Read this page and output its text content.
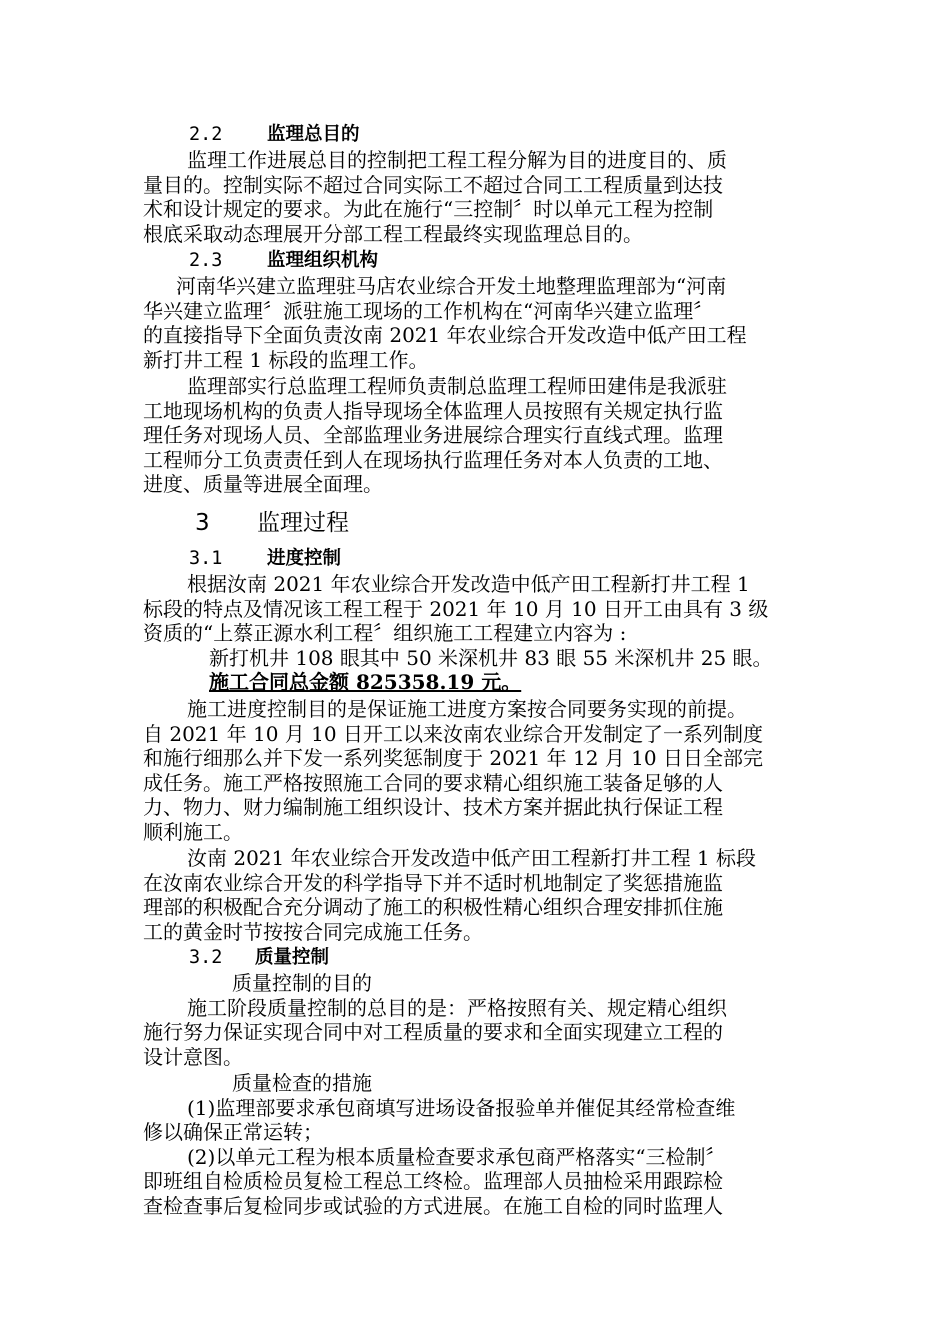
2.2 监理总目的
监理工作进展总目的控制把工程工程分解为目的进度目的、质
量目的。控制实际不超过合同实际工不超过合同工工程质量到达技
术和设计规定的要求。为此在施行“三控制〞时以单元工程为控制
根底采取动态理展开分部工程工程最终实现监理总目的。
2.3 监理组织机构
河南华兴建立监理驻马店农业综合开发土地整理监理部为“河南
华兴建立监理〞派驻施工现场的工作机构在“河南华兴建立监理〞
的直接指导下全面负责汝南 2021 年农业综合开发改造中低产田工程
新打井工程 1 标段的监理工作。
监理部实行总监理工程师负责制总监理工程师田建伟是我派驻
工地现场机构的负责人指导现场全体监理人员按照有关规定执行监
理任务对现场人员、全部监理业务进展综合理实行直线式理。监理
工程师分工负责责任到人在现场执行监理任务对本人负责的工地、
进度、质量等进展全面理。
3 监理过程
3.1 进度控制
根据汝南 2021 年农业综合开发改造中低产田工程新打井工程 1
标段的特点及情况该工程工程于 2021 年 10 月 10 日开工由具有 3 级
资质的“上蔡正源水利工程〞组织施工工程建立内容为 :
新打机井 108 眼其中 50 米深机井 83 眼 55 米深机井 25 眼。
施工合同总金额 825358.19 元。
施工进度控制目的是保证施工进度方案按合同要务实现的前提。
自 2021 年 10 月 10 日开工以来汝南农业综合开发制定了一系列制度
和施行细那么并下发一系列奖惩制度于 2021 年 12 月 10 日日全部完
成任务。施工严格按照施工合同的要求精心组织施工装备足够的人
力、物力、财力编制施工组织设计、技术方案并据此执行保证工程
顺利施工。
汝南 2021 年农业综合开发改造中低产田工程新打井工程 1 标段
在汝南农业综合开发的科学指导下并不适时机地制定了奖惩措施监
理部的积极配合充分调动了施工的积极性精心组织合理安排抓住施
工的黄金时节按按合同完成施工任务。
3.2 质量控制
质量控制的目的
施工阶段质量控制的总目的是：严格按照有关、规定精心组织
施行努力保证实现合同中对工程质量的要求和全面实现建立工程的
设计意图。
质量检查的措施
(1)监理部要求承包商填写进场设备报验单并催促其经常检查维
修以确保正常运转；
(2)以单元工程为根本质量检查要求承包商严格落实“三检制〞
即班组自检质检员复检工程总工终检。监理部人员抽检采用跟踪检
查检查事后复检同步或试验的方式进展。在施工自检的同时监理人
